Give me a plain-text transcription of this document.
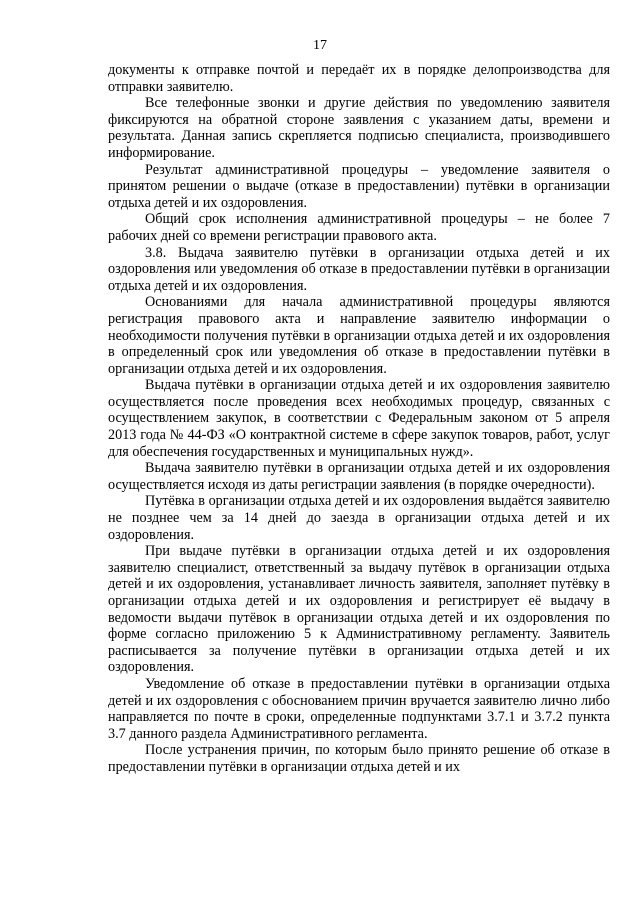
17

документы к отправке почтой и передаёт их в порядке делопроизводства для отправки заявителю.

Все телефонные звонки и другие действия по уведомлению заявителя фиксируются на обратной стороне заявления с указанием даты, времени и результата. Данная запись скрепляется подписью специалиста, производившего информирование.

Результат административной процедуры – уведомление заявителя о принятом решении о выдаче (отказе в предоставлении) путёвки в организации отдыха детей и их оздоровления.

Общий срок исполнения административной процедуры – не более 7 рабочих дней со времени регистрации правового акта.

3.8. Выдача заявителю путёвки в организации отдыха детей и их оздоровления или уведомления об отказе в предоставлении путёвки в организации отдыха детей и их оздоровления.

Основаниями для начала административной процедуры являются регистрация правового акта и направление заявителю информации о необходимости получения путёвки в организации отдыха детей и их оздоровления в определенный срок или уведомления об отказе в предоставлении путёвки в организации отдыха детей и их оздоровления.

Выдача путёвки в организации отдыха детей и их оздоровления заявителю осуществляется после проведения всех необходимых процедур, связанных с осуществлением закупок, в соответствии с Федеральным законом от 5 апреля 2013 года № 44-ФЗ «О контрактной системе в сфере закупок товаров, работ, услуг для обеспечения государственных и муниципальных нужд».

Выдача заявителю путёвки в организации отдыха детей и их оздоровления осуществляется исходя из даты регистрации заявления (в порядке очередности).

Путёвка в организации отдыха детей и их оздоровления выдаётся заявителю не позднее чем за 14 дней до заезда в организации отдыха детей и их оздоровления.

При выдаче путёвки в организации отдыха детей и их оздоровления заявителю специалист, ответственный за выдачу путёвок в организации отдыха детей и их оздоровления, устанавливает личность заявителя, заполняет путёвку в организации отдыха детей и их оздоровления и регистрирует её выдачу в ведомости выдачи путёвок в организации отдыха детей и их оздоровления по форме согласно приложению 5 к Административному регламенту. Заявитель расписывается за получение путёвки в организации отдыха детей и их оздоровления.

Уведомление об отказе в предоставлении путёвки в организации отдыха детей и их оздоровления с обоснованием причин вручается заявителю лично либо направляется по почте в сроки, определенные подпунктами 3.7.1 и 3.7.2 пункта 3.7 данного раздела Административного регламента.

После устранения причин, по которым было принято решение об отказе в предоставлении путёвки в организации отдыха детей и их
